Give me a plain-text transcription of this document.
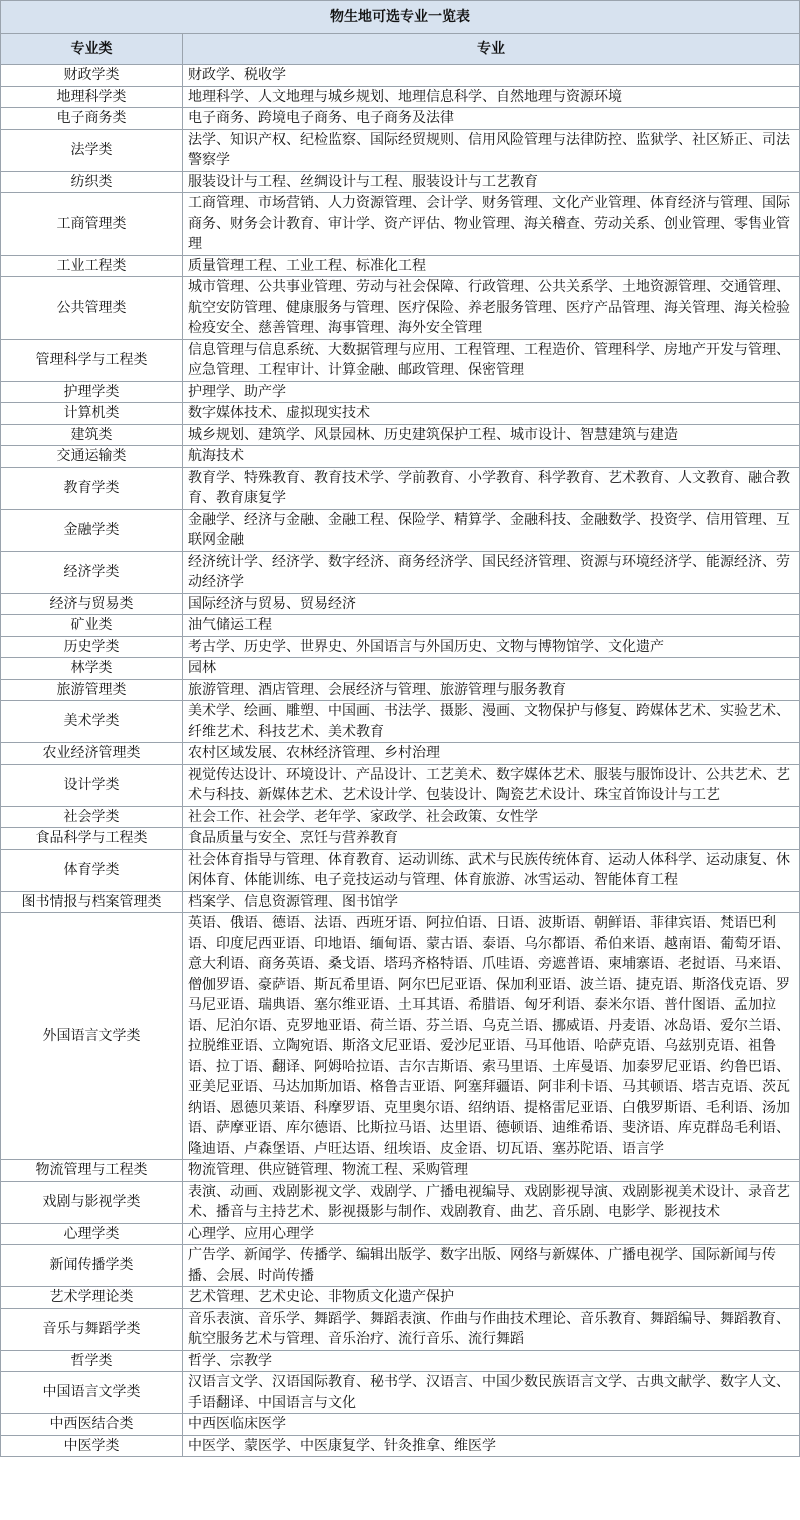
物生地可选专业一览表	
专业类	专业
财政学类	财政学、税收学
地理科学类	地理科学、人文地理与城乡规划、地理信息科学、自然地理与资源环境
电子商务类	电子商务、跨境电子商务、电子商务及法律
法学类	法学、知识产权、纪检监察、国际经贸规则、信用风险管理与法律防控、监狱学、社区矫正、司法警察学
纺织类	服装设计与工程、丝绸设计与工程、服装设计与工艺教育
工商管理类	工商管理、市场营销、人力资源管理、会计学、财务管理、文化产业管理、体育经济与管理、国际商务、财务会计教育、审计学、资产评估、物业管理、海关稽查、劳动关系、创业管理、零售业管理
工业工程类	质量管理工程、工业工程、标准化工程
公共管理类	城市管理、公共事业管理、劳动与社会保障、行政管理、公共关系学、土地资源管理、交通管理、航空安防管理、健康服务与管理、医疗保险、养老服务管理、医疗产品管理、海关管理、海关检验检疫安全、慈善管理、海事管理、海外安全管理
管理科学与工程类	信息管理与信息系统、大数据管理与应用、工程管理、工程造价、管理科学、房地产开发与管理、应急管理、工程审计、计算金融、邮政管理、保密管理
护理学类	护理学、助产学
计算机类	数字媒体技术、虚拟现实技术
建筑类	城乡规划、建筑学、风景园林、历史建筑保护工程、城市设计、智慧建筑与建造
交通运输类	航海技术
教育学类	教育学、特殊教育、教育技术学、学前教育、小学教育、科学教育、艺术教育、人文教育、融合教育、教育康复学
金融学类	金融学、经济与金融、金融工程、保险学、精算学、金融科技、金融数学、投资学、信用管理、互联网金融
经济学类	经济统计学、经济学、数字经济、商务经济学、国民经济管理、资源与环境经济学、能源经济、劳动经济学
经济与贸易类	国际经济与贸易、贸易经济
矿业类	油气储运工程
历史学类	考古学、历史学、世界史、外国语言与外国历史、文物与博物馆学、文化遗产
林学类	园林
旅游管理类	旅游管理、酒店管理、会展经济与管理、旅游管理与服务教育
美术学类	美术学、绘画、雕塑、中国画、书法学、摄影、漫画、文物保护与修复、跨媒体艺术、实验艺术、纤维艺术、科技艺术、美术教育
农业经济管理类	农村区域发展、农林经济管理、乡村治理
设计学类	视觉传达设计、环境设计、产品设计、工艺美术、数字媒体艺术、服装与服饰设计、公共艺术、艺术与科技、新媒体艺术、艺术设计学、包装设计、陶瓷艺术设计、珠宝首饰设计与工艺
社会学类	社会工作、社会学、老年学、家政学、社会政策、女性学
食品科学与工程类	食品质量与安全、烹饪与营养教育
体育学类	社会体育指导与管理、体育教育、运动训练、武术与民族传统体育、运动人体科学、运动康复、休闲体育、体能训练、电子竞技运动与管理、体育旅游、冰雪运动、智能体育工程
图书情报与档案管理类	档案学、信息资源管理、图书馆学
外国语言文学类	英语、俄语、德语、法语、西班牙语、阿拉伯语、日语、波斯语、朝鲜语、菲律宾语、梵语巴利语、印度尼西亚语、印地语、缅甸语、蒙古语、泰语、乌尔都语、希伯来语、越南语、葡萄牙语、意大利语、商务英语、桑戈语、塔玛齐格特语、爪哇语、旁遮普语、柬埔寨语、老挝语、马来语、僧伽罗语、豪萨语、斯瓦希里语、阿尔巴尼亚语、保加利亚语、波兰语、捷克语、斯洛伐克语、罗马尼亚语、瑞典语、塞尔维亚语、土耳其语、希腊语、匈牙利语、泰米尔语、普什图语、孟加拉语、尼泊尔语、克罗地亚语、荷兰语、芬兰语、乌克兰语、挪威语、丹麦语、冰岛语、爱尔兰语、拉脱维亚语、立陶宛语、斯洛文尼亚语、爱沙尼亚语、马耳他语、哈萨克语、乌兹别克语、祖鲁语、拉丁语、翻译、阿姆哈拉语、吉尔吉斯语、索马里语、土库曼语、加泰罗尼亚语、约鲁巴语、亚美尼亚语、马达加斯加语、格鲁吉亚语、阿塞拜疆语、阿非利卡语、马其顿语、塔吉克语、茨瓦纳语、恩德贝莱语、科摩罗语、克里奥尔语、绍纳语、提格雷尼亚语、白俄罗斯语、毛利语、汤加语、萨摩亚语、库尔德语、比斯拉马语、达里语、德顿语、迪维希语、斐济语、库克群岛毛利语、隆迪语、卢森堡语、卢旺达语、纽埃语、皮金语、切瓦语、塞苏陀语、语言学
物流管理与工程类	物流管理、供应链管理、物流工程、采购管理
戏剧与影视学类	表演、动画、戏剧影视文学、戏剧学、广播电视编导、戏剧影视导演、戏剧影视美术设计、录音艺术、播音与主持艺术、影视摄影与制作、戏剧教育、曲艺、音乐剧、电影学、影视技术
心理学类	心理学、应用心理学
新闻传播学类	广告学、新闻学、传播学、编辑出版学、数字出版、网络与新媒体、广播电视学、国际新闻与传播、会展、时尚传播
艺术学理论类	艺术管理、艺术史论、非物质文化遗产保护
音乐与舞蹈学类	音乐表演、音乐学、舞蹈学、舞蹈表演、作曲与作曲技术理论、音乐教育、舞蹈编导、舞蹈教育、航空服务艺术与管理、音乐治疗、流行音乐、流行舞蹈
哲学类	哲学、宗教学
中国语言文学类	汉语言文学、汉语国际教育、秘书学、汉语言、中国少数民族语言文学、古典文献学、数字人文、手语翻译、中国语言与文化
中西医结合类	中西医临床医学
中医学类	中医学、蒙医学、中医康复学、针灸推拿、维医学
